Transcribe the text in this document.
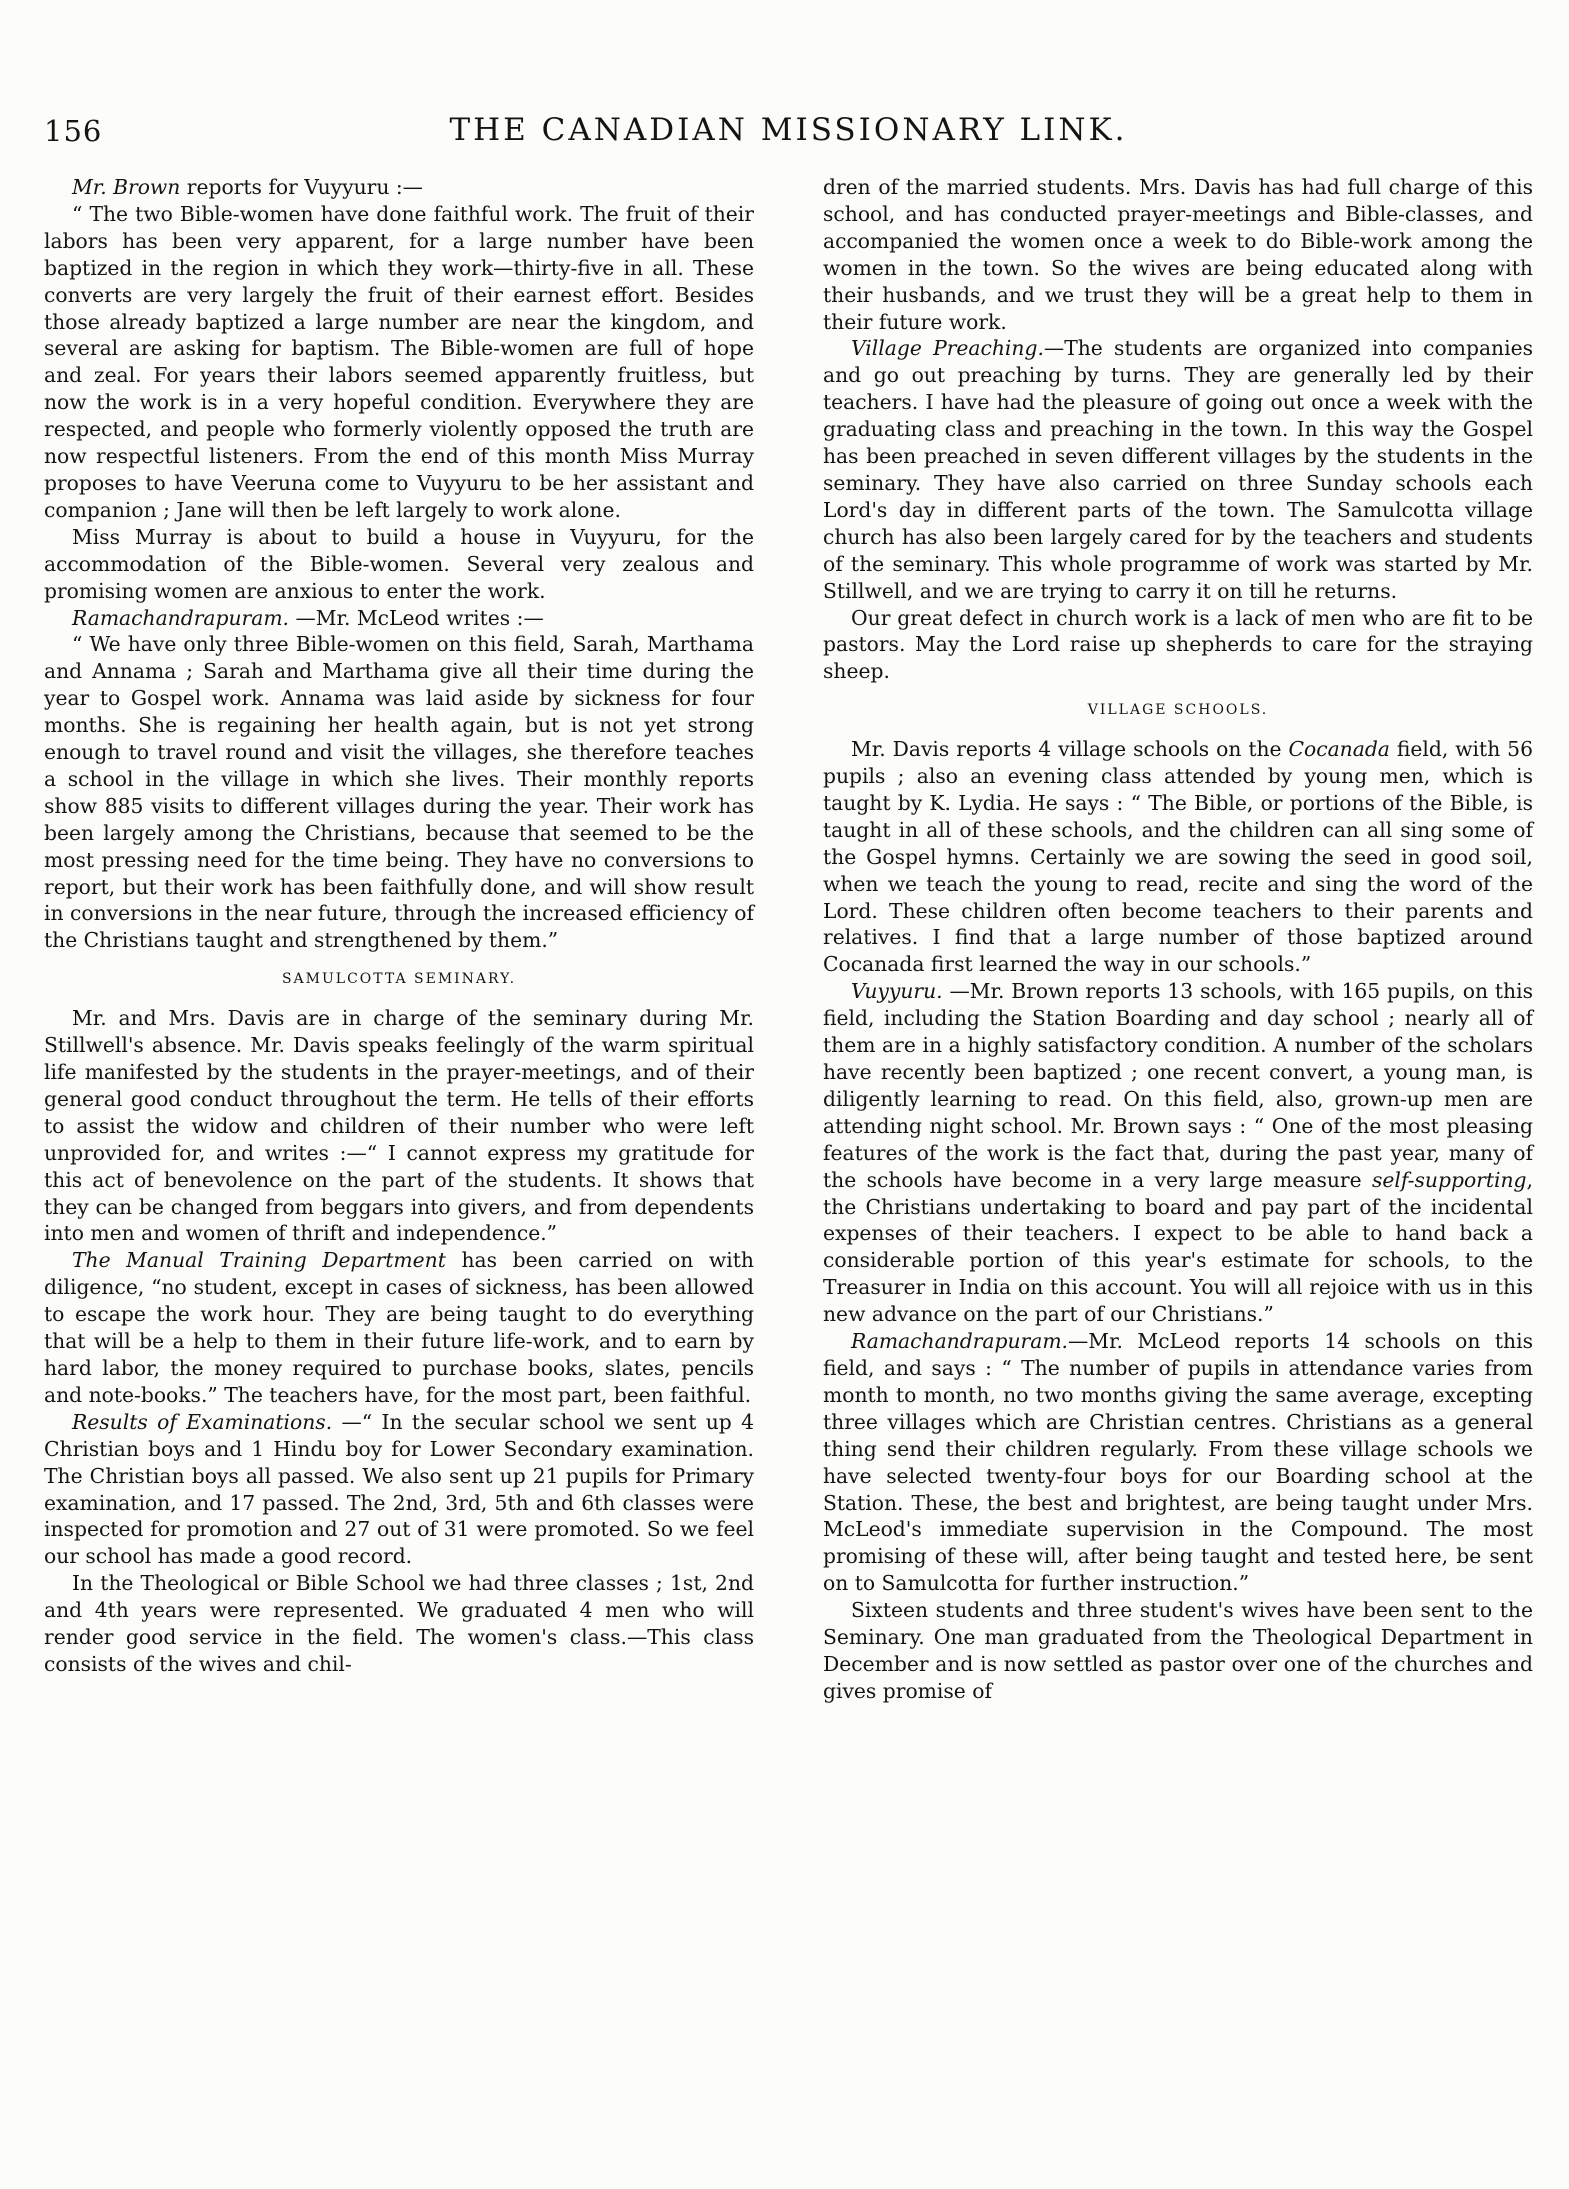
156	THE CANADIAN MISSIONARY LINK.

Mr. Brown reports for Vuyyuru :—

“ The two Bible-women have done faithful work. The fruit of their labors has been very apparent, for a large number have been baptized in the region in which they work—thirty-five in all. These converts are very largely the fruit of their earnest effort. Besides those already baptized a large number are near the kingdom, and several are asking for baptism. The Bible-women are full of hope and zeal. For years their labors seemed apparently fruitless, but now the work is in a very hopeful condition. Everywhere they are respected, and people who formerly violently opposed the truth are now respectful listeners. From the end of this month Miss Murray proposes to have Veeruna come to Vuyyuru to be her assistant and companion ; Jane will then be left largely to work alone.

Miss Murray is about to build a house in Vuyyuru, for the accommodation of the Bible-women. Several very zealous and promising women are anxious to enter the work.

Ramachandrapuram. —Mr. McLeod writes :—

“ We have only three Bible-women on this field, Sarah, Marthama and Annama ; Sarah and Marthama give all their time during the year to Gospel work. Annama was laid aside by sickness for four months. She is regaining her health again, but is not yet strong enough to travel round and visit the villages, she therefore teaches a school in the village in which she lives. Their monthly reports show 885 visits to different villages during the year. Their work has been largely among the Christians, because that seemed to be the most pressing need for the time being. They have no conversions to report, but their work has been faithfully done, and will show result in conversions in the near future, through the increased efficiency of the Christians taught and strengthened by them.”

SAMULCOTTA SEMINARY.

Mr. and Mrs. Davis are in charge of the seminary during Mr. Stillwell's absence. Mr. Davis speaks feelingly of the warm spiritual life manifested by the students in the prayer-meetings, and of their general good conduct throughout the term. He tells of their efforts to assist the widow and children of their number who were left unprovided for, and writes :—“ I cannot express my gratitude for this act of benevolence on the part of the students. It shows that they can be changed from beggars into givers, and from dependents into men and women of thrift and independence.”

The Manual Training Department has been carried on with diligence, “no student, except in cases of sickness, has been allowed to escape the work hour. They are being taught to do everything that will be a help to them in their future life-work, and to earn by hard labor, the money required to purchase books, slates, pencils and note-books.” The teachers have, for the most part, been faithful.

Results of Examinations. —“ In the secular school we sent up 4 Christian boys and 1 Hindu boy for Lower Secondary examination. The Christian boys all passed. We also sent up 21 pupils for Primary examination, and 17 passed. The 2nd, 3rd, 5th and 6th classes were inspected for promotion and 27 out of 31 were promoted. So we feel our school has made a good record.

In the Theological or Bible School we had three classes ; 1st, 2nd and 4th years were represented. We graduated 4 men who will render good service in the field. The women's class.—This class consists of the wives and chil-

dren of the married students. Mrs. Davis has had full charge of this school, and has conducted prayer-meetings and Bible-classes, and accompanied the women once a week to do Bible-work among the women in the town. So the wives are being educated along with their husbands, and we trust they will be a great help to them in their future work.

Village Preaching.—The students are organized into companies and go out preaching by turns. They are generally led by their teachers. I have had the pleasure of going out once a week with the graduating class and preaching in the town. In this way the Gospel has been preached in seven different villages by the students in the seminary. They have also carried on three Sunday schools each Lord's day in different parts of the town. The Samulcotta village church has also been largely cared for by the teachers and students of the seminary. This whole programme of work was started by Mr. Stillwell, and we are trying to carry it on till he returns.

Our great defect in church work is a lack of men who are fit to be pastors. May the Lord raise up shepherds to care for the straying sheep.

VILLAGE SCHOOLS.

Mr. Davis reports 4 village schools on the Cocanada field, with 56 pupils ; also an evening class attended by young men, which is taught by K. Lydia. He says : “ The Bible, or portions of the Bible, is taught in all of these schools, and the children can all sing some of the Gospel hymns. Certainly we are sowing the seed in good soil, when we teach the young to read, recite and sing the word of the Lord. These children often become teachers to their parents and relatives. I find that a large number of those baptized around Cocanada first learned the way in our schools.”

Vuyyuru. —Mr. Brown reports 13 schools, with 165 pupils, on this field, including the Station Boarding and day school ; nearly all of them are in a highly satisfactory condition. A number of the scholars have recently been baptized ; one recent convert, a young man, is diligently learning to read. On this field, also, grown-up men are attending night school. Mr. Brown says : “ One of the most pleasing features of the work is the fact that, during the past year, many of the schools have become in a very large measure self-supporting, the Christians undertaking to board and pay part of the incidental expenses of their teachers. I expect to be able to hand back a considerable portion of this year's estimate for schools, to the Treasurer in India on this account. You will all rejoice with us in this new advance on the part of our Christians.”

Ramachandrapuram.—Mr. McLeod reports 14 schools on this field, and says : “ The number of pupils in attendance varies from month to month, no two months giving the same average, excepting three villages which are Christian centres. Christians as a general thing send their children regularly. From these village schools we have selected twenty-four boys for our Boarding school at the Station. These, the best and brightest, are being taught under Mrs. McLeod's immediate supervision in the Compound. The most promising of these will, after being taught and tested here, be sent on to Samulcotta for further instruction.”

Sixteen students and three student's wives have been sent to the Seminary. One man graduated from the Theological Department in December and is now settled as pastor over one of the churches and gives promise of
